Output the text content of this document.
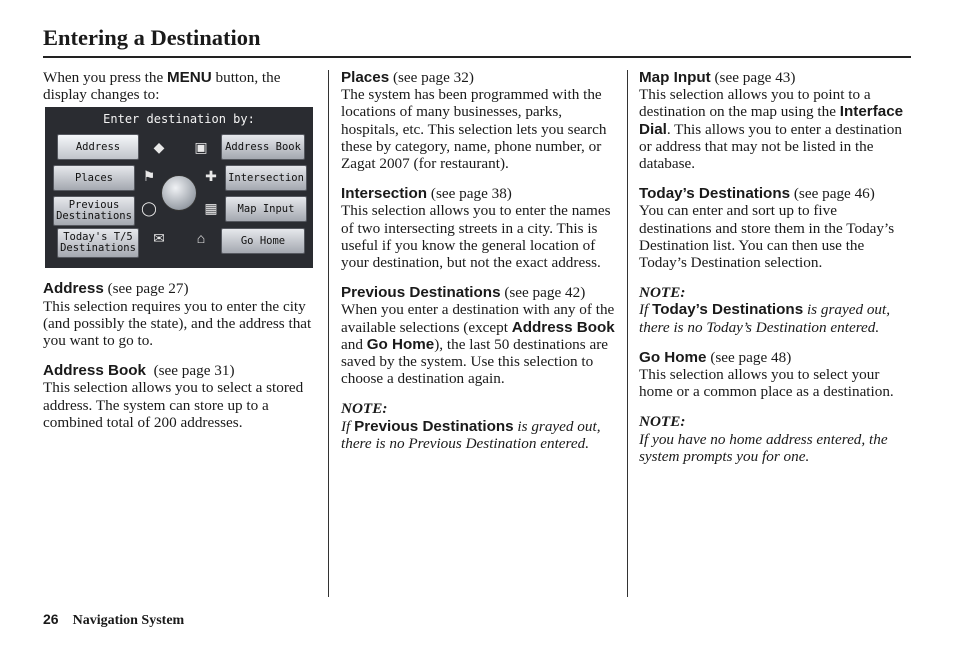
Entering a Destination

When you press the MENU button, the display changes to:

Enter destination by:
Address	Address Book
Places	Intersection
Previous
Destinations
Map Input
Today's T/5
Destinations
Go Home
◆	▣
⚑	✚
◯	▦
✉	⌂

Address (see page 27)

This selection requires you to enter the city (and possibly the state), and the address that you want to go to.

Address Book  (see page 31)

This selection allows you to select a stored address. The system can store up to a combined total of 200 addresses.

Places (see page 32)

The system has been programmed with the locations of many businesses, parks, hospitals, etc. This selection lets you search these by category, name, phone number, or Zagat 2007 (for restaurant).

Intersection (see page 38)

This selection allows you to enter the names of two intersecting streets in a city. This is useful if you know the general location of your destination, but not the exact address.

Previous Destinations (see page 42)

When you enter a destination with any of the available selections (except Address Book and Go Home), the last 50 destinations are saved by the system. Use this selection to choose a destination again.

NOTE:

If Previous Destinations is grayed out, there is no Previous Destination entered.

Map Input (see page 43)

This selection allows you to point to a destination on the map using the Interface Dial. This allows you to enter a destination or address that may not be listed in the database.

Today’s Destinations (see page 46)

You can enter and sort up to five destinations and store them in the Today’s Destination list. You can then use the Today’s Destination selection.

NOTE:

If Today’s Destinations is grayed out, there is no Today’s Destination entered.

Go Home (see page 48)

This selection allows you to select your home or a common place as a destination.

NOTE:

If you have no home address entered, the system prompts you for one.

26 Navigation System
